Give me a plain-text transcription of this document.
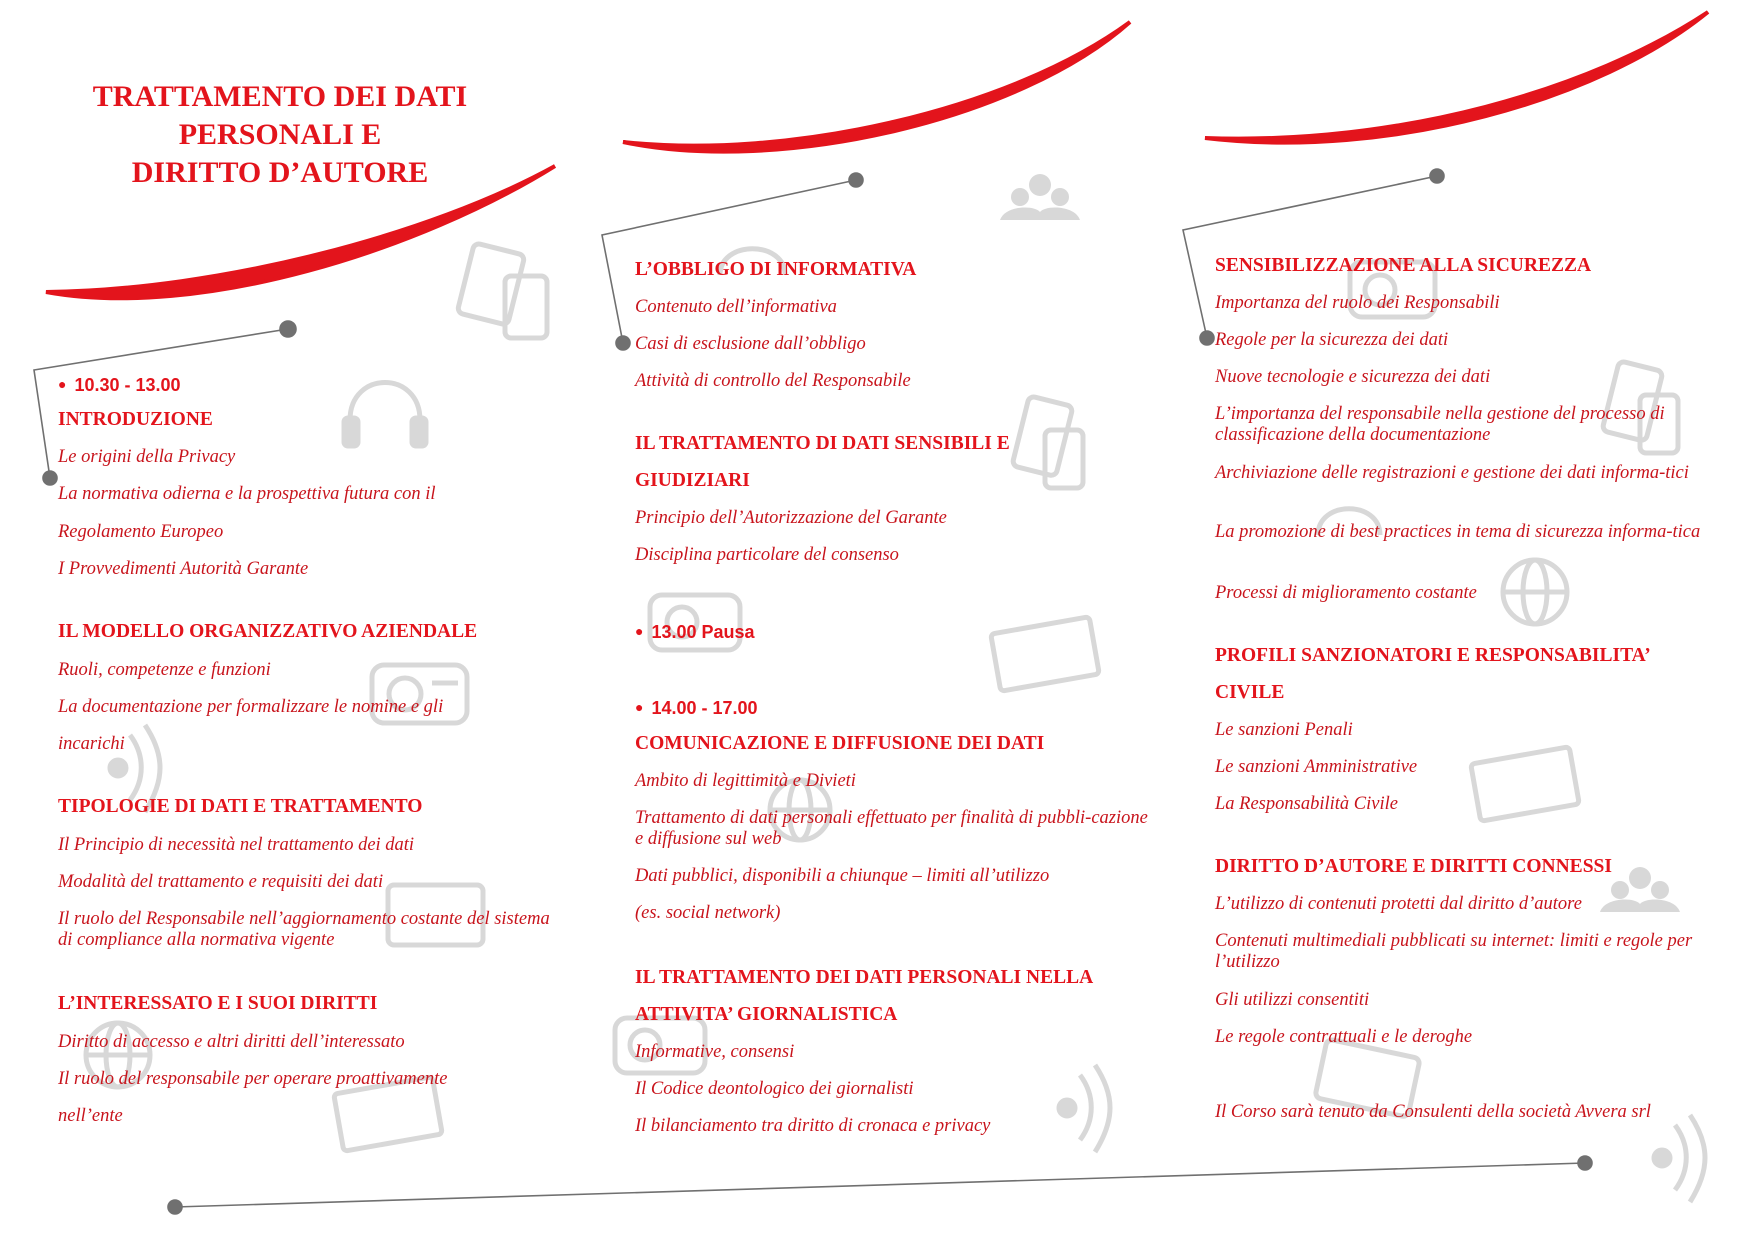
TRATTAMENTO DEI DATI
PERSONALI E
DIRITTO D’AUTORE

● 10.30 - 13.00

INTRODUZIONE

Le origini della Privacy

La normativa odierna e la prospettiva futura con il

Regolamento Europeo

I Provvedimenti Autorità Garante

IL MODELLO ORGANIZZATIVO AZIENDALE

Ruoli, competenze e funzioni

La documentazione per formalizzare le nomine e gli

incarichi

TIPOLOGIE DI DATI E TRATTAMENTO

Il Principio di necessità nel trattamento dei dati

Modalità del trattamento e requisiti dei dati

Il ruolo del Responsabile nell’aggiornamento costante del sistema di compliance alla normativa vigente

L’INTERESSATO E I SUOI DIRITTI

Diritto di accesso e altri diritti dell’interessato

Il ruolo del responsabile per operare proattivamente

nell’ente

L’OBBLIGO DI INFORMATIVA

Contenuto dell’informativa

Casi di esclusione dall’obbligo

Attività di controllo del Responsabile

IL TRATTAMENTO DI DATI SENSIBILI E
GIUDIZIARI

Principio dell’Autorizzazione del Garante

Disciplina particolare del consenso

● 13.00 Pausa

● 14.00 - 17.00

COMUNICAZIONE E DIFFUSIONE DEI DATI

Ambito di legittimità e Divieti

Trattamento di dati personali effettuato per finalità di pubbli-cazione e diffusione sul web

Dati pubblici, disponibili a chiunque – limiti all’utilizzo

(es. social network)

IL TRATTAMENTO DEI DATI PERSONALI NELLA
ATTIVITA’ GIORNALISTICA

Informative, consensi

Il Codice deontologico dei giornalisti

Il bilanciamento tra diritto di cronaca e privacy

SENSIBILIZZAZIONE ALLA SICUREZZA

Importanza del ruolo dei Responsabili

Regole per la sicurezza dei dati

Nuove tecnologie e sicurezza dei dati

L’importanza del responsabile nella gestione del processo di classificazione della documentazione

Archiviazione delle registrazioni e gestione dei dati informa-tici

La promozione di best practices in tema di sicurezza informa-tica

Processi di miglioramento costante

PROFILI SANZIONATORI E RESPONSABILITA’
CIVILE

Le sanzioni Penali

Le sanzioni Amministrative

La Responsabilità Civile

DIRITTO D’AUTORE E DIRITTI CONNESSI

L’utilizzo di contenuti protetti dal diritto d’autore

Contenuti multimediali pubblicati su internet: limiti e regole per l’utilizzo

Gli utilizzi consentiti

Le regole contrattuali e le deroghe

Il Corso sarà tenuto da Consulenti della società Avvera srl
